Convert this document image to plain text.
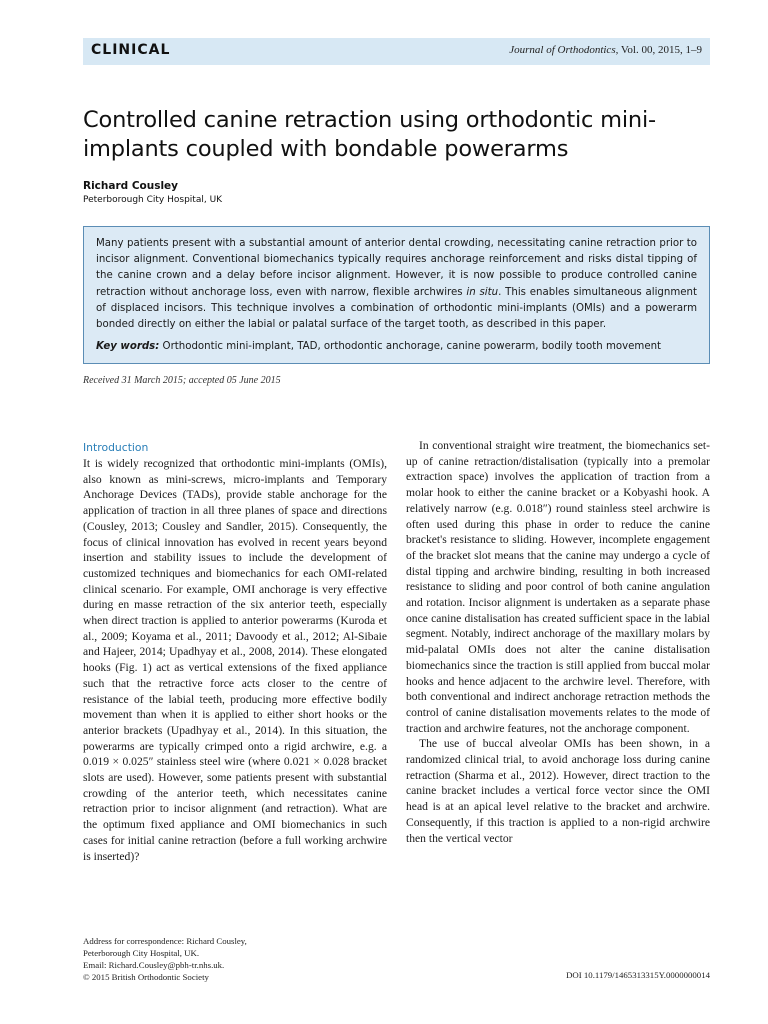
CLINICAL	Journal of Orthodontics, Vol. 00, 2015, 1–9
Controlled canine retraction using orthodontic mini-implants coupled with bondable powerarms
Richard Cousley
Peterborough City Hospital, UK

Many patients present with a substantial amount of anterior dental crowding, necessitating canine retraction prior to incisor alignment. Conventional biomechanics typically requires anchorage reinforcement and risks distal tipping of the canine crown and a delay before incisor alignment. However, it is now possible to produce controlled canine retraction without anchorage loss, even with narrow, flexible archwires in situ. This enables simultaneous alignment of displaced incisors. This technique involves a combination of orthodontic mini-implants (OMIs) and a powerarm bonded directly on either the labial or palatal surface of the target tooth, as described in this paper.

Key words: Orthodontic mini-implant, TAD, orthodontic anchorage, canine powerarm, bodily tooth movement

Received 31 March 2015; accepted 05 June 2015
Introduction

It is widely recognized that orthodontic mini-implants (OMIs), also known as mini-screws, micro-implants and Temporary Anchorage Devices (TADs), provide stable anchorage for the application of traction in all three planes of space and directions (Cousley, 2013; Cousley and Sandler, 2015). Consequently, the focus of clinical innovation has evolved in recent years beyond insertion and stability issues to include the development of customized techniques and biomechanics for each OMI-related clinical scenario. For example, OMI anchorage is very effective during en masse retraction of the six anterior teeth, especially when direct traction is applied to anterior powerarms (Kuroda et al., 2009; Koyama et al., 2011; Davoody et al., 2012; Al-Sibaie and Hajeer, 2014; Upadhyay et al., 2008, 2014). These elongated hooks (Fig. 1) act as vertical extensions of the fixed appliance such that the retractive force acts closer to the centre of resistance of the labial teeth, producing more effective bodily movement than when it is applied to either short hooks or the anterior brackets (Upadhyay et al., 2014). In this situation, the powerarms are typically crimped onto a rigid archwire, e.g. a 0.019 × 0.025″ stainless steel wire (where 0.021 × 0.028 bracket slots are used). However, some patients present with substantial crowding of the anterior teeth, which necessitates canine retraction prior to incisor alignment (and retraction). What are the optimum fixed appliance and OMI biomechanics in such cases for initial canine retraction (before a full working archwire is inserted)?

In conventional straight wire treatment, the biomechanics set-up of canine retraction/distalisation (typically into a premolar extraction space) involves the application of traction from a molar hook to either the canine bracket or a Kobyashi hook. A relatively narrow (e.g. 0.018″) round stainless steel archwire is often used during this phase in order to reduce the canine bracket's resistance to sliding. However, incomplete engagement of the bracket slot means that the canine may undergo a cycle of distal tipping and archwire binding, resulting in both increased resistance to sliding and poor control of both canine angulation and rotation. Incisor alignment is undertaken as a separate phase once canine distalisation has created sufficient space in the labial segment. Notably, indirect anchorage of the maxillary molars by mid-palatal OMIs does not alter the canine distalisation biomechanics since the traction is still applied from buccal molar hooks and hence adjacent to the archwire level. Therefore, with both conventional and indirect anchorage retraction methods the control of canine distalisation movements relates to the mode of traction and archwire features, not the anchorage component.

The use of buccal alveolar OMIs has been shown, in a randomized clinical trial, to avoid anchorage loss during canine retraction (Sharma et al., 2012). However, direct traction to the canine bracket includes a vertical force vector since the OMI head is at an apical level relative to the bracket and archwire. Consequently, if this traction is applied to a non-rigid archwire then the vertical vector

Address for correspondence: Richard Cousley,
Peterborough City Hospital, UK.
Email: Richard.Cousley@pbh-tr.nhs.uk.
© 2015 British Orthodontic Society	DOI 10.1179/1465313315Y.0000000014
